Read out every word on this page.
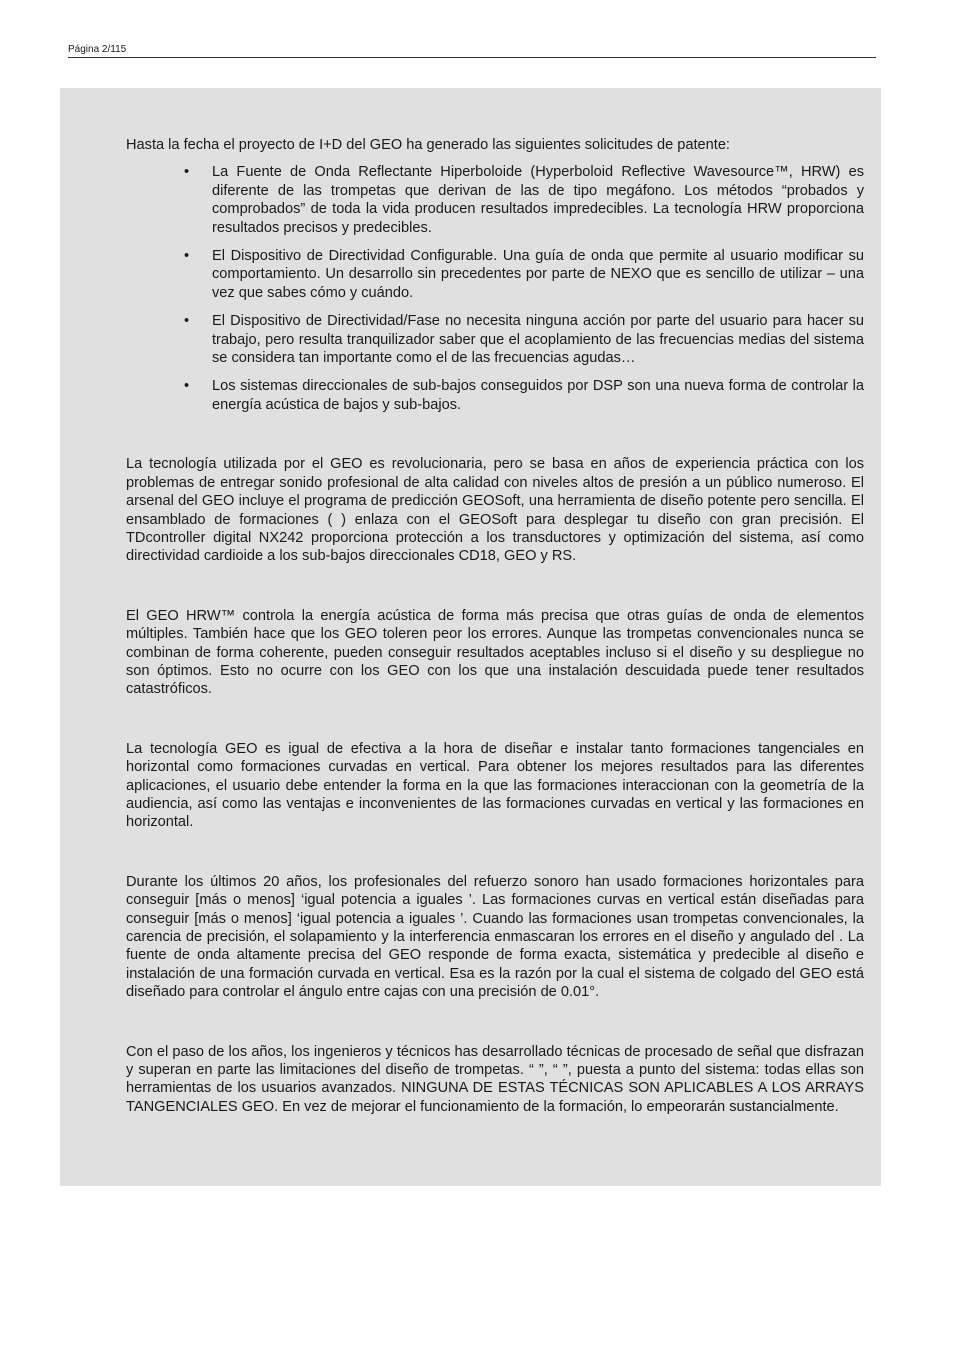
Página 2/115

Hasta la fecha el proyecto de I+D del GEO ha generado las siguientes solicitudes de patente:

• La Fuente de Onda Reflectante Hiperboloide (Hyperboloid Reflective Wavesource™, HRW) es diferente de las trompetas que derivan de las de tipo megáfono. Los métodos “probados y comprobados” de toda la vida producen resultados impredecibles. La tecnología HRW proporciona resultados precisos y predecibles.
• El Dispositivo de Directividad Configurable. Una guía de onda que permite al usuario modificar su comportamiento. Un desarrollo sin precedentes por parte de NEXO que es sencillo de utilizar – una vez que sabes cómo y cuándo.
• El Dispositivo de Directividad/Fase no necesita ninguna acción por parte del usuario para hacer su trabajo, pero resulta tranquilizador saber que el acoplamiento de las frecuencias medias del sistema se considera tan importante como el de las frecuencias agudas…
• Los sistemas direccionales de sub-bajos conseguidos por DSP son una nueva forma de controlar la energía acústica de bajos y sub-bajos.

La tecnología utilizada por el GEO es revolucionaria, pero se basa en años de experiencia práctica con los problemas de entregar sonido profesional de alta calidad con niveles altos de presión a un público numeroso. El arsenal del GEO incluye el programa de predicción GEOSoft, una herramienta de diseño potente pero sencilla. El ensamblado de formaciones ( ) enlaza con el GEOSoft para desplegar tu diseño con gran precisión. El TDcontroller digital NX242 proporciona protección a los transductores y optimización del sistema, así como directividad cardioide a los sub-bajos direccionales CD18, GEO y RS.

El GEO HRW™ controla la energía acústica de forma más precisa que otras guías de onda de elementos múltiples. También hace que los GEO toleren peor los errores. Aunque las trompetas convencionales nunca se combinan de forma coherente, pueden conseguir resultados aceptables incluso si el diseño y su despliegue no son óptimos. Esto no ocurre con los GEO con los que una instalación descuidada puede tener resultados catastróficos.

La tecnología GEO es igual de efectiva a la hora de diseñar e instalar tanto formaciones tangenciales en horizontal como formaciones curvadas en vertical. Para obtener los mejores resultados para las diferentes aplicaciones, el usuario debe entender la forma en la que las formaciones interaccionan con la geometría de la audiencia, así como las ventajas e inconvenientes de las formaciones curvadas en vertical y las formaciones en horizontal.

Durante los últimos 20 años, los profesionales del refuerzo sonoro han usado formaciones horizontales para conseguir [más o menos] ‘igual potencia a iguales ’. Las formaciones curvas en vertical están diseñadas para conseguir [más o menos] ‘igual potencia a iguales ’. Cuando las formaciones usan trompetas convencionales, la carencia de precisión, el solapamiento y la interferencia enmascaran los errores en el diseño y angulado del . La fuente de onda altamente precisa del GEO responde de forma exacta, sistemática y predecible al diseño e instalación de una formación curvada en vertical. Esa es la razón por la cual el sistema de colgado del GEO está diseñado para controlar el ángulo entre cajas con una precisión de 0.01°.

Con el paso de los años, los ingenieros y técnicos has desarrollado técnicas de procesado de señal que disfrazan y superan en parte las limitaciones del diseño de trompetas. “ ”, “ ”, puesta a punto del sistema: todas ellas son herramientas de los usuarios avanzados. NINGUNA DE ESTAS TÉCNICAS SON APLICABLES A LOS ARRAYS TANGENCIALES GEO. En vez de mejorar el funcionamiento de la formación, lo empeorarán sustancialmente.
